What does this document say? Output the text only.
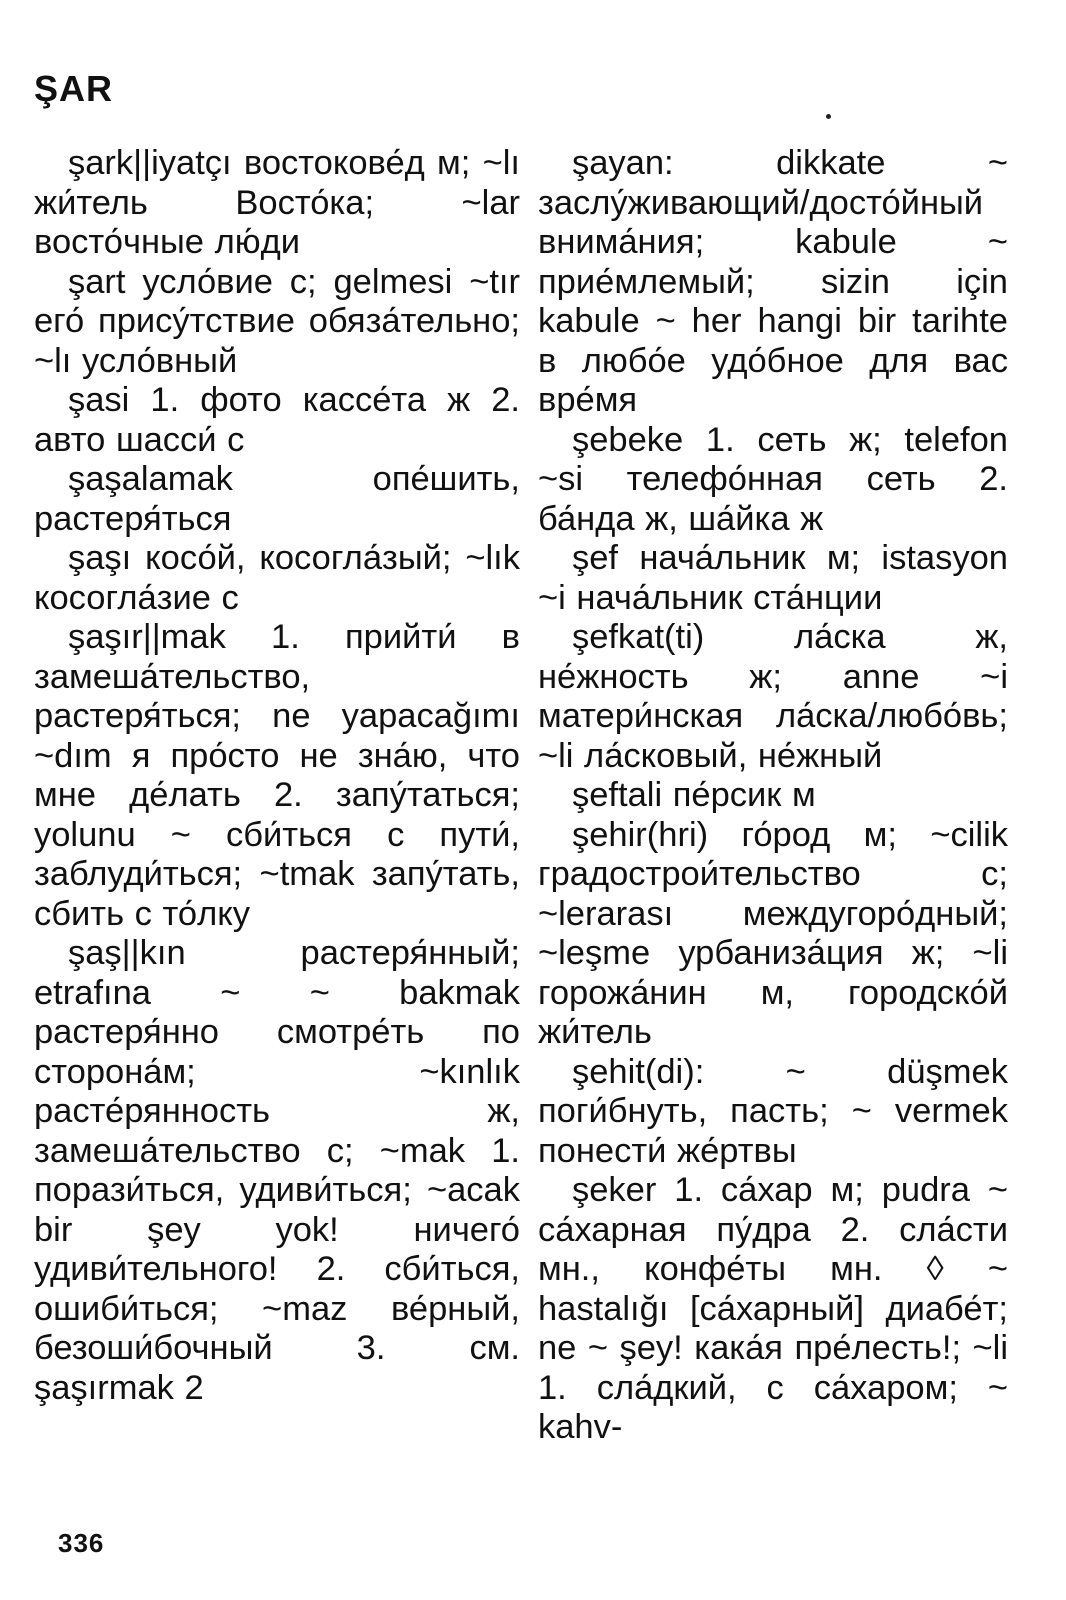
ŞAR

şark||iyatçı востокове́д м; ~lı жи́тель Восто́ка; ~lar восто́чные лю́ди

şart усло́вие с; gelmesi ~tır его́ прису́тствие обяза́тельно; ~lı усло́вный

şasi 1. фото кассе́та ж 2. авто шасси́ с

şaşalamak опе́шить, растеря́ться

şaşı косо́й, косогла́зый; ~lık косогла́зие с

şaşır||mak 1. прийти́ в замеша́тельство, растеря́ться; ne yapacağımı ~dım я про́сто не зна́ю, что мне де́лать 2. запу́таться; yolunu ~ сби́ться с пути́, заблуди́ться; ~tmak запу́тать, сбить с то́лку

şaş||kın растеря́нный; etrafına ~ ~ bakmak растеря́нно смотре́ть по сторона́м; ~kınlık расте́рянность ж, замеша́тельство с; ~mak 1. порази́ться, удиви́ться; ~acak bir şey yok! ничего́ удиви́тельного! 2. сби́ться, ошиби́ться; ~maz ве́рный, безоши́бочный 3. см. şaşırmak 2

şayan: dikkate ~ заслу́живающий/досто́йный внима́ния; kabule ~ прие́млемый; sizin için kabule ~ her hangi bir tarihte в любо́е удо́бное для вас вре́мя

şebeke 1. сеть ж; telefon ~si телефо́нная сеть 2. ба́нда ж, ша́йка ж

şef нача́льник м; istasyon ~i нача́льник ста́нции

şefkat(ti) ла́ска ж, не́жность ж; anne ~i матери́нская ла́ска/любо́вь; ~li ла́сковый, не́жный

şeftali пе́рсик м

şehir(hri) го́род м; ~cilik градострои́тельство с; ~lerarası междугоро́дный; ~leşme урбаниза́ция ж; ~li горожа́нин м, городско́й жи́тель

şehit(di): ~ düşmek поги́бнуть, пасть; ~ vermek понести́ же́ртвы

şeker 1. са́хар м; pudra ~ са́харная пу́дра 2. сла́сти мн., конфе́ты мн. ◊ ~ hastalığı [са́харный] диабе́т; ne ~ şey! кака́я пре́лесть!; ~li 1. сла́дкий, с са́харом; ~ kahv-

336
